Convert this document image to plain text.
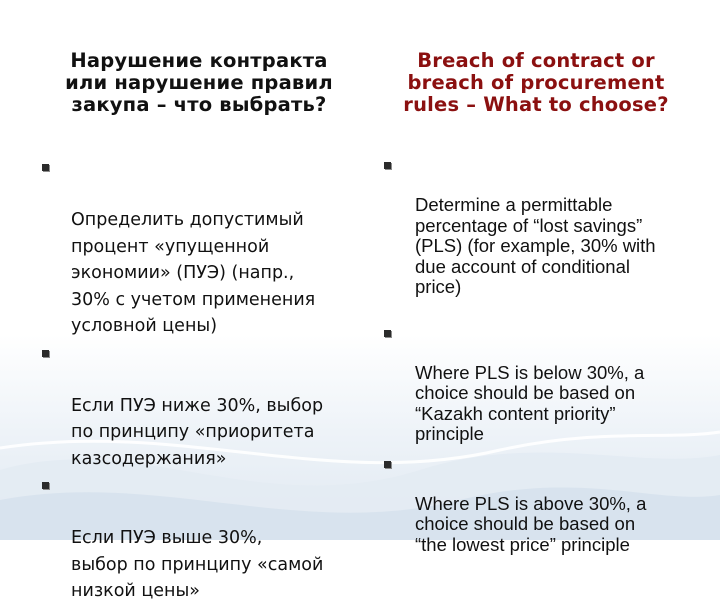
Нарушение контракта
или нарушение правил
закупа – что выбрать?

Определить допустимый
процент «упущенной
экономии» (ПУЭ) (напр.,
30% с учетом применения
условной цены)

Если ПУЭ ниже 30%, выбор
по принципу «приоритета
казсодержания»

Если ПУЭ выше 30%,
выбор по принципу «самой
низкой цены»

Breach of contract or
breach of procurement
rules – What to choose?

Determine a permittable
percentage of “lost savings”
(PLS) (for example, 30% with
due account of conditional
price)

Where PLS is below 30%, a
choice should be based on
“Kazakh content priority”
principle

Where PLS is above 30%, a
choice should be based on
“the lowest price” principle
